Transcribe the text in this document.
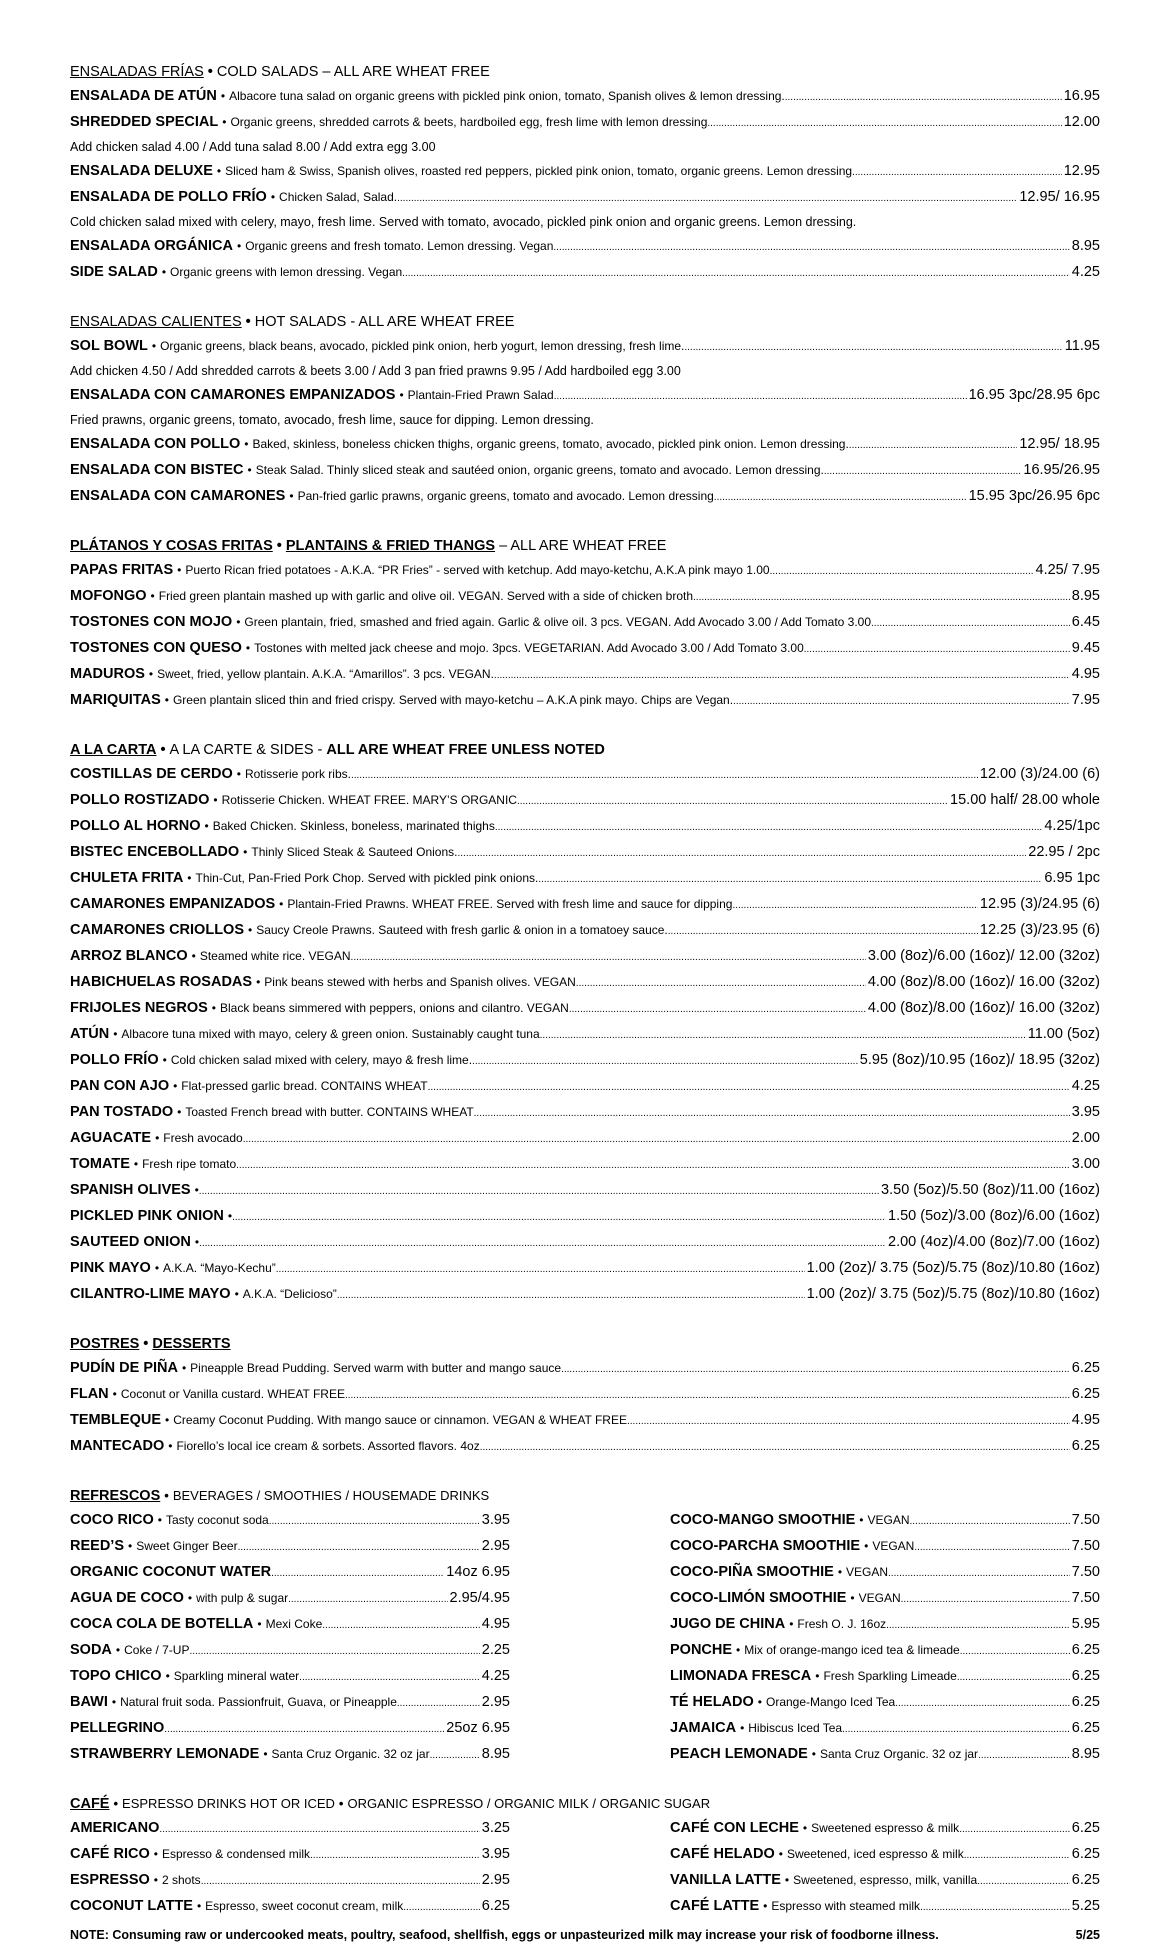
ENSALADAS FRÍAS • COLD SALADS – ALL ARE WHEAT FREE
ENSALADA DE ATÚN • Albacore tuna salad on organic greens with pickled pink onion, tomato, Spanish olives & lemon dressing. .....	16.95
SHREDDED SPECIAL • Organic greens, shredded carrots & beets, hardboiled egg, fresh lime with lemon dressing .....	12.00
Add chicken salad 4.00 / Add tuna salad 8.00 / Add extra egg 3.00
ENSALADA DELUXE • Sliced ham & Swiss, Spanish olives, roasted red peppers, pickled pink onion, tomato, organic greens. Lemon dressing .....	12.95
ENSALADA DE POLLO FRÍO • Chicken Salad, Salad. .....	12.95/ 16.95
Cold chicken salad mixed with celery, mayo, fresh lime. Served with tomato, avocado, pickled pink onion and organic greens. Lemon dressing.
ENSALADA ORGÁNICA • Organic greens and fresh tomato. Lemon dressing. Vegan .....	8.95
SIDE SALAD • Organic greens with lemon dressing. Vegan .....	4.25
ENSALADAS CALIENTES • HOT SALADS - ALL ARE WHEAT FREE
SOL BOWL • Organic greens, black beans, avocado, pickled pink onion, herb yogurt, lemon dressing, fresh lime. .....	11.95
Add chicken 4.50 / Add shredded carrots & beets 3.00 / Add 3 pan fried prawns 9.95 / Add hardboiled egg 3.00
ENSALADA CON CAMARONES EMPANIZADOS • Plantain-Fried Prawn Salad .....	16.95 3pc/28.95 6pc
Fried prawns, organic greens, tomato, avocado, fresh lime, sauce for dipping. Lemon dressing.
ENSALADA CON POLLO • Baked, skinless, boneless chicken thighs, organic greens, tomato, avocado, pickled pink onion. Lemon dressing. .....	12.95/ 18.95
ENSALADA CON BISTEC • Steak Salad. Thinly sliced steak and sautéed onion, organic greens, tomato and avocado. Lemon dressing. .....	16.95/26.95
ENSALADA CON CAMARONES • Pan-fried garlic prawns, organic greens, tomato and avocado. Lemon dressing .....	15.95 3pc/26.95 6pc
PLÁTANOS Y COSAS FRITAS • PLANTAINS & FRIED THANGS – ALL ARE WHEAT FREE
PAPAS FRITAS • Puerto Rican fried potatoes - A.K.A. “PR Fries” - served with ketchup. Add mayo-ketchu, A.K.A pink mayo 1.00 .....	4.25/ 7.95
MOFONGO • Fried green plantain mashed up with garlic and olive oil. VEGAN. Served with a side of chicken broth .....	8.95
TOSTONES CON MOJO • Green plantain, fried, smashed and fried again. Garlic & olive oil. 3 pcs. VEGAN. Add Avocado 3.00 / Add Tomato 3.00 .....	6.45
TOSTONES CON QUESO • Tostones with melted jack cheese and mojo. 3pcs. VEGETARIAN. Add Avocado 3.00 / Add Tomato 3.00 .....	9.45
MADUROS • Sweet, fried, yellow plantain. A.K.A. “Amarillos”. 3 pcs. VEGAN. .....	4.95
MARIQUITAS • Green plantain sliced thin and fried crispy. Served with mayo-ketchu – A.K.A pink mayo. Chips are Vegan. .....	7.95
A LA CARTA • A LA CARTE & SIDES - ALL ARE WHEAT FREE UNLESS NOTED
COSTILLAS DE CERDO • Rotisserie pork ribs. .....	12.00 (3)/24.00 (6)
POLLO ROSTIZADO • Rotisserie Chicken. WHEAT FREE. MARY’S ORGANIC .....	15.00 half/ 28.00 whole
POLLO AL HORNO • Baked Chicken. Skinless, boneless, marinated thighs .....	4.25/1pc
BISTEC ENCEBOLLADO • Thinly Sliced Steak & Sauteed Onions. .....	22.95 / 2pc
CHULETA FRITA • Thin-Cut, Pan-Fried Pork Chop. Served with pickled pink onions. .....	6.95 1pc
CAMARONES EMPANIZADOS • Plantain-Fried Prawns. WHEAT FREE. Served with fresh lime and sauce for dipping .....	12.95 (3)/24.95 (6)
CAMARONES CRIOLLOS • Saucy Creole Prawns. Sauteed with fresh garlic & onion in a tomatoey sauce. .....	12.25 (3)/23.95 (6)
ARROZ BLANCO • Steamed white rice. VEGAN .....	3.00 (8oz)/6.00 (16oz)/ 12.00 (32oz)
HABICHUELAS ROSADAS • Pink beans stewed with herbs and Spanish olives. VEGAN .....	4.00 (8oz)/8.00 (16oz)/ 16.00 (32oz)
FRIJOLES NEGROS • Black beans simmered with peppers, onions and cilantro. VEGAN .....	4.00 (8oz)/8.00 (16oz)/ 16.00 (32oz)
ATÚN • Albacore tuna mixed with mayo, celery & green onion. Sustainably caught tuna .....	11.00 (5oz)
POLLO FRÍO • Cold chicken salad mixed with celery, mayo & fresh lime. .....	5.95 (8oz)/10.95 (16oz)/ 18.95 (32oz)
PAN CON AJO • Flat-pressed garlic bread. CONTAINS WHEAT .....	4.25
PAN TOSTADO • Toasted French bread with butter. CONTAINS WHEAT .....	3.95
AGUACATE • Fresh avocado .....	2.00
TOMATE • Fresh ripe tomato .....	3.00
SPANISH OLIVES • .....	3.50 (5oz)/5.50 (8oz)/11.00 (16oz)
PICKLED PINK ONION • .....	1.50 (5oz)/3.00 (8oz)/6.00 (16oz)
SAUTEED ONION • .....	2.00 (4oz)/4.00 (8oz)/7.00 (16oz)
PINK MAYO • A.K.A. “Mayo-Kechu” .....	1.00 (2oz)/ 3.75 (5oz)/5.75 (8oz)/10.80 (16oz)
CILANTRO-LIME MAYO • A.K.A. “Delicioso” .....	1.00 (2oz)/ 3.75 (5oz)/5.75 (8oz)/10.80 (16oz)
POSTRES • DESSERTS
PUDÍN DE PIÑA • Pineapple Bread Pudding. Served warm with butter and mango sauce .....	6.25
FLAN • Coconut or Vanilla custard. WHEAT FREE .....	6.25
TEMBLEQUE • Creamy Coconut Pudding. With mango sauce or cinnamon. VEGAN & WHEAT FREE .....	4.95
MANTECADO • Fiorello’s local ice cream & sorbets. Assorted flavors. 4oz .....	6.25
REFRESCOS • BEVERAGES / SMOOTHIES / HOUSEMADE DRINKS
COCO RICO • Tasty coconut soda .....	3.95
REED’S • Sweet Ginger Beer .....	2.95
ORGANIC COCONUT WATER .....	14oz 6.95
AGUA DE COCO • with pulp & sugar .....	2.95/4.95
COCA COLA DE BOTELLA • Mexi Coke .....	4.95
SODA • Coke / 7-UP .....	2.25
TOPO CHICO • Sparkling mineral water .....	4.25
BAWI • Natural fruit soda. Passionfruit, Guava, or Pineapple .....	2.95
PELLEGRINO .....	25oz 6.95
STRAWBERRY LEMONADE • Santa Cruz Organic. 32 oz jar .....	8.95
COCO-MANGO SMOOTHIE • VEGAN .....	7.50
COCO-PARCHA SMOOTHIE • VEGAN .....	7.50
COCO-PIÑA SMOOTHIE • VEGAN .....	7.50
COCO-LIMÓN SMOOTHIE • VEGAN .....	7.50
JUGO DE CHINA • Fresh O. J. 16oz .....	5.95
PONCHE • Mix of orange-mango iced tea & limeade .....	6.25
LIMONADA FRESCA • Fresh Sparkling Limeade .....	6.25
TÉ HELADO • Orange-Mango Iced Tea .....	6.25
JAMAICA • Hibiscus Iced Tea .....	6.25
PEACH LEMONADE • Santa Cruz Organic. 32 oz jar .....	8.95
CAFÉ • ESPRESSO DRINKS HOT OR ICED • ORGANIC ESPRESSO / ORGANIC MILK / ORGANIC SUGAR
AMERICANO .....	3.25
CAFÉ RICO • Espresso & condensed milk .....	3.95
ESPRESSO • 2 shots .....	2.95
COCONUT LATTE • Espresso, sweet coconut cream, milk .....	6.25
CAFÉ CON LECHE • Sweetened espresso & milk .....	6.25
CAFÉ HELADO • Sweetened, iced espresso & milk .....	6.25
VANILLA LATTE • Sweetened, espresso, milk, vanilla .....	6.25
CAFÉ LATTE • Espresso with steamed milk .....	5.25
NOTE: Consuming raw or undercooked meats, poultry, seafood, shellfish, eggs or unpasteurized milk may increase your risk of foodborne illness.	5/25
